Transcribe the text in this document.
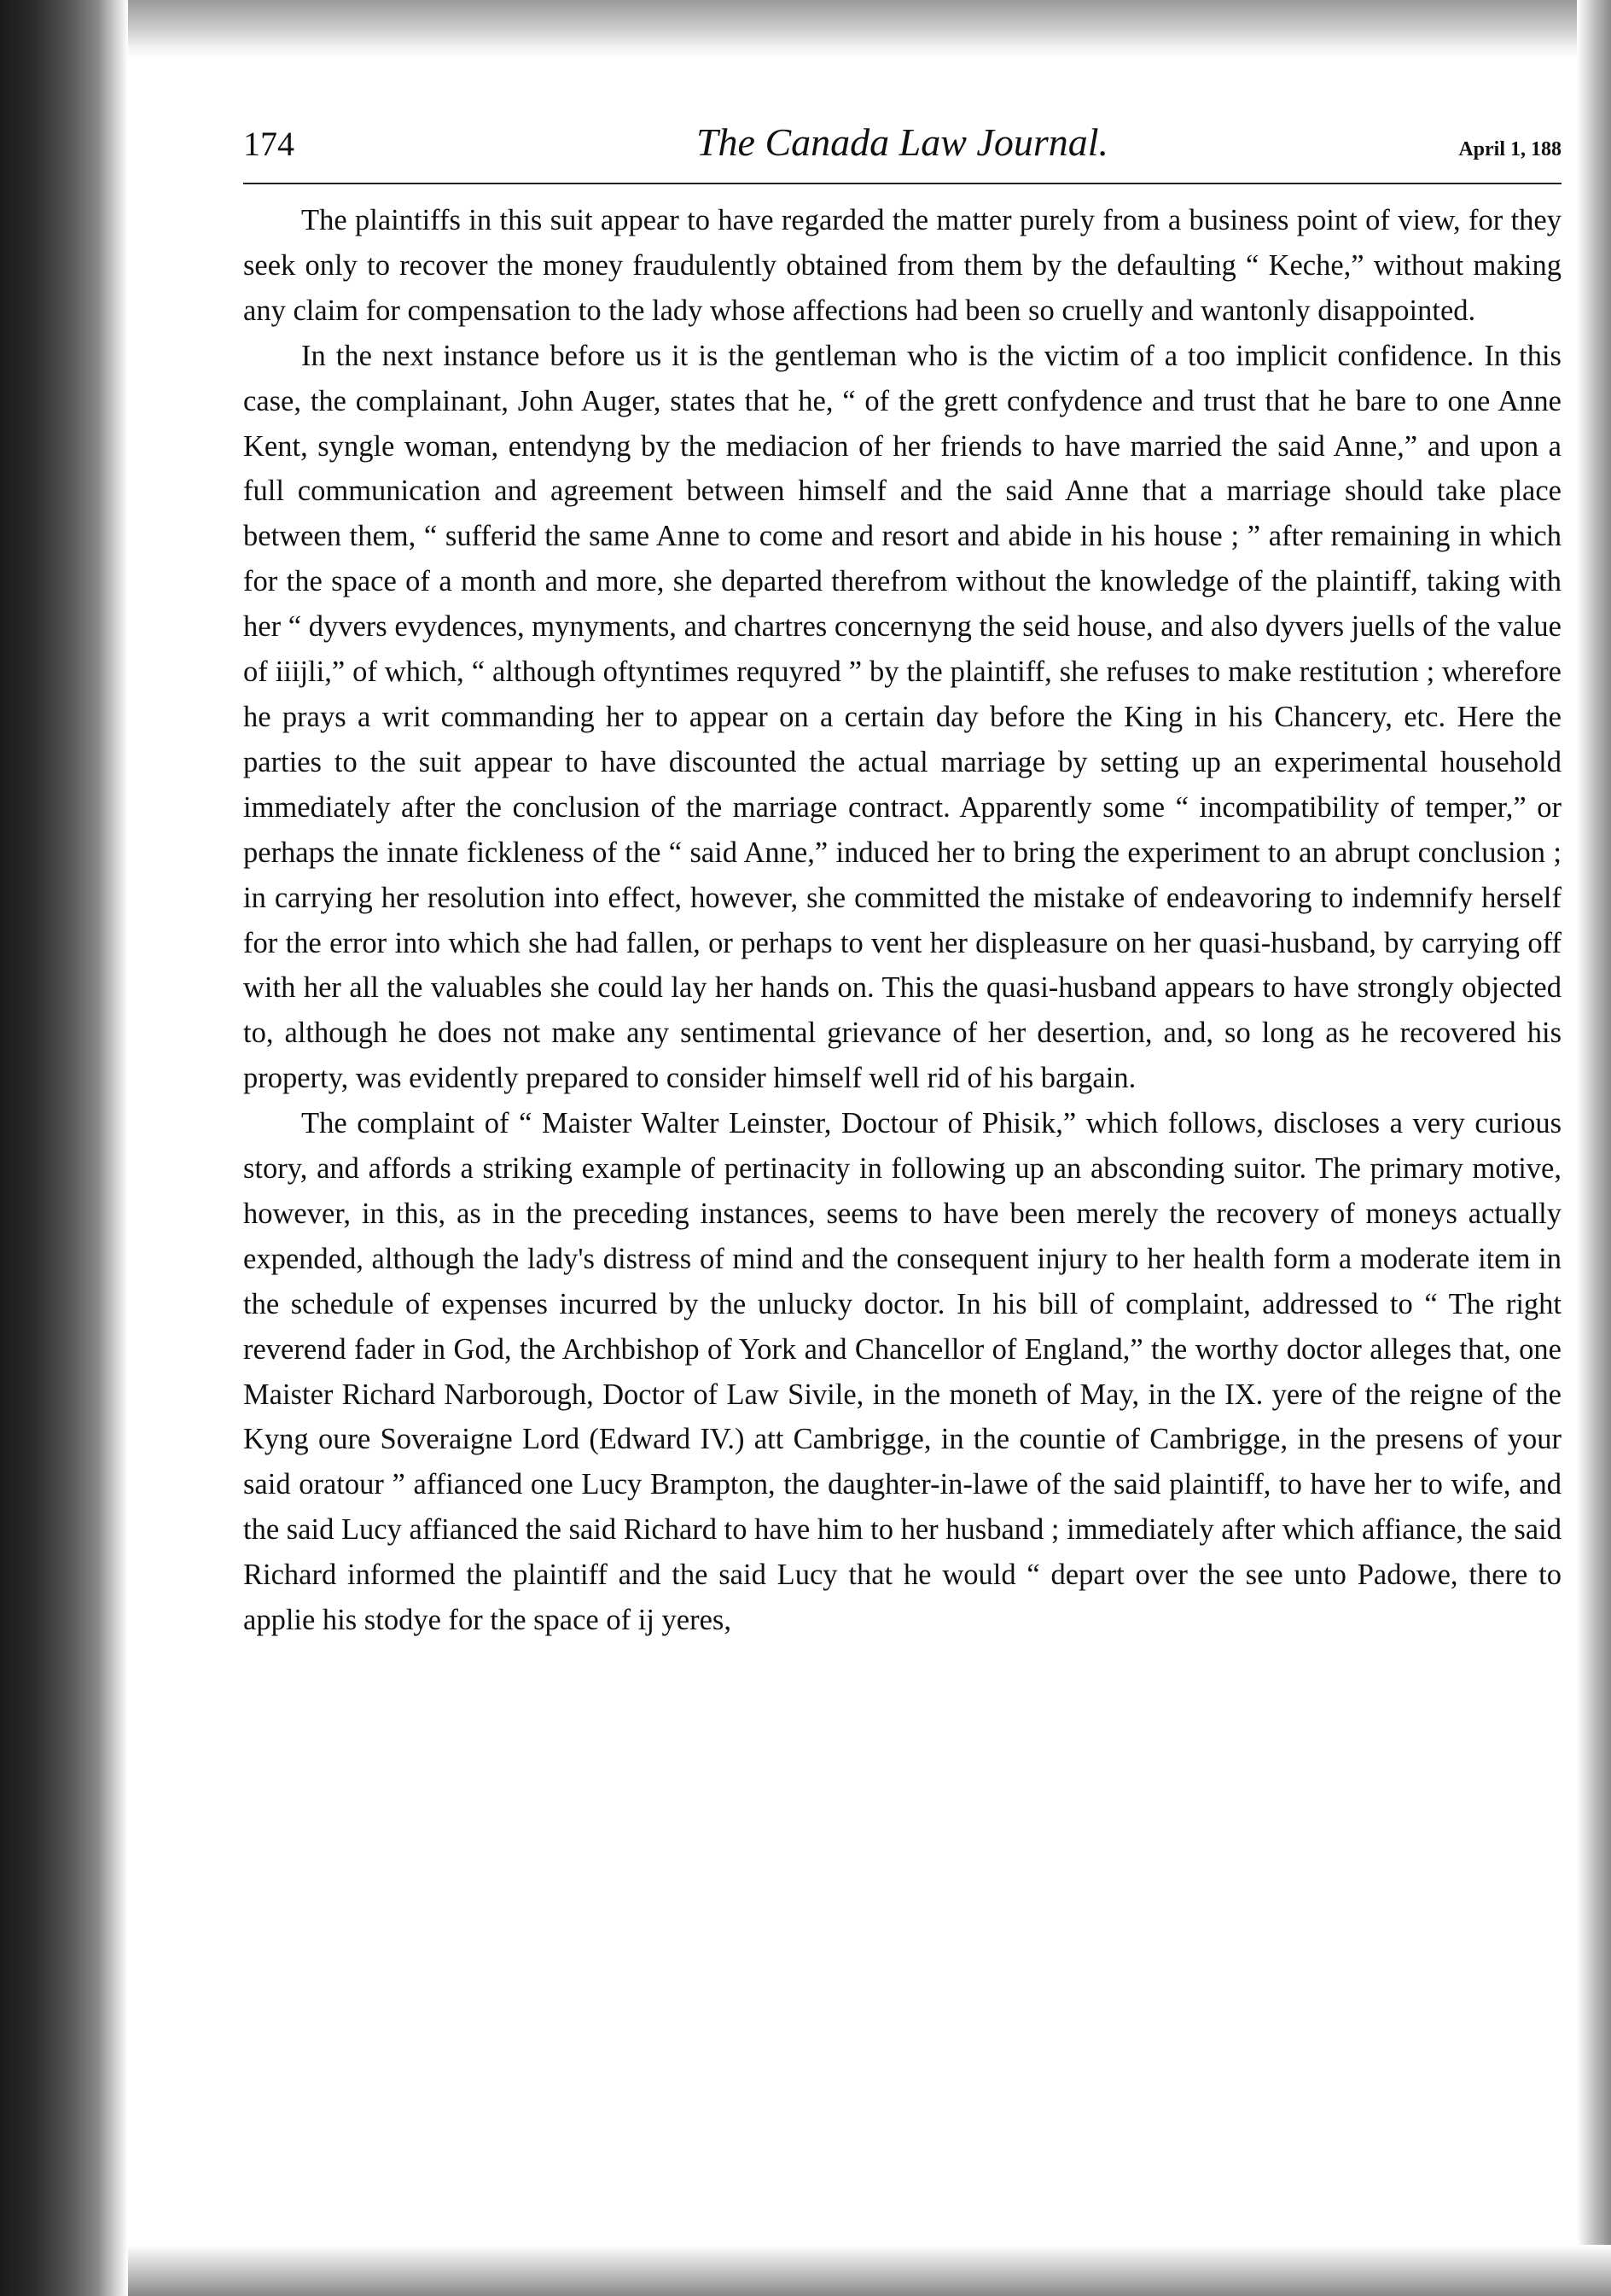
174	The Canada Law Journal.	April 1, 188

The plaintiffs in this suit appear to have regarded the matter purely from a business point of view, for they seek only to recover the money fraudulently obtained from them by the defaulting “ Keche,” without making any claim for compensation to the lady whose affections had been so cruelly and wantonly disappointed.

In the next instance before us it is the gentleman who is the victim of a too implicit confidence. In this case, the complainant, John Auger, states that he, “ of the grett confydence and trust that he bare to one Anne Kent, syngle woman, entendyng by the mediacion of her friends to have married the said Anne,” and upon a full communication and agreement between himself and the said Anne that a marriage should take place between them, “ sufferid the same Anne to come and resort and abide in his house ; ” after remaining in which for the space of a month and more, she departed therefrom without the knowledge of the plaintiff, taking with her “ dyvers evydences, mynyments, and chartres concernyng the seid house, and also dyvers juells of the value of iiijli,” of which, “ although oftyntimes requyred ” by the plaintiff, she refuses to make restitution ; wherefore he prays a writ commanding her to appear on a certain day before the King in his Chancery, etc. Here the parties to the suit appear to have discounted the actual marriage by setting up an experimental household immediately after the conclusion of the marriage contract. Apparently some “ incompatibility of temper,” or perhaps the innate fickleness of the “ said Anne,” induced her to bring the experiment to an abrupt conclusion ; in carrying her resolution into effect, however, she committed the mistake of endeavoring to indemnify herself for the error into which she had fallen, or perhaps to vent her displeasure on her quasi-husband, by carrying off with her all the valuables she could lay her hands on. This the quasi-husband appears to have strongly objected to, although he does not make any sentimental grievance of her desertion, and, so long as he recovered his property, was evidently prepared to consider himself well rid of his bargain.

The complaint of “ Maister Walter Leinster, Doctour of Phisik,” which follows, discloses a very curious story, and affords a striking example of pertinacity in following up an absconding suitor. The primary motive, however, in this, as in the preceding instances, seems to have been merely the recovery of moneys actually expended, although the lady's distress of mind and the consequent injury to her health form a moderate item in the schedule of expenses incurred by the unlucky doctor. In his bill of complaint, addressed to “ The right reverend fader in God, the Archbishop of York and Chancellor of England,” the worthy doctor alleges that, one Maister Richard Narborough, Doctor of Law Sivile, in the moneth of May, in the IX. yere of the reigne of the Kyng oure Soveraigne Lord (Edward IV.) att Cambrigge, in the countie of Cambrigge, in the presens of your said oratour ” affianced one Lucy Brampton, the daughter-in-lawe of the said plaintiff, to have her to wife, and the said Lucy affianced the said Richard to have him to her husband ; immediately after which affiance, the said Richard informed the plaintiff and the said Lucy that he would “ depart over the see unto Padowe, there to applie his stodye for the space of ij yeres,
